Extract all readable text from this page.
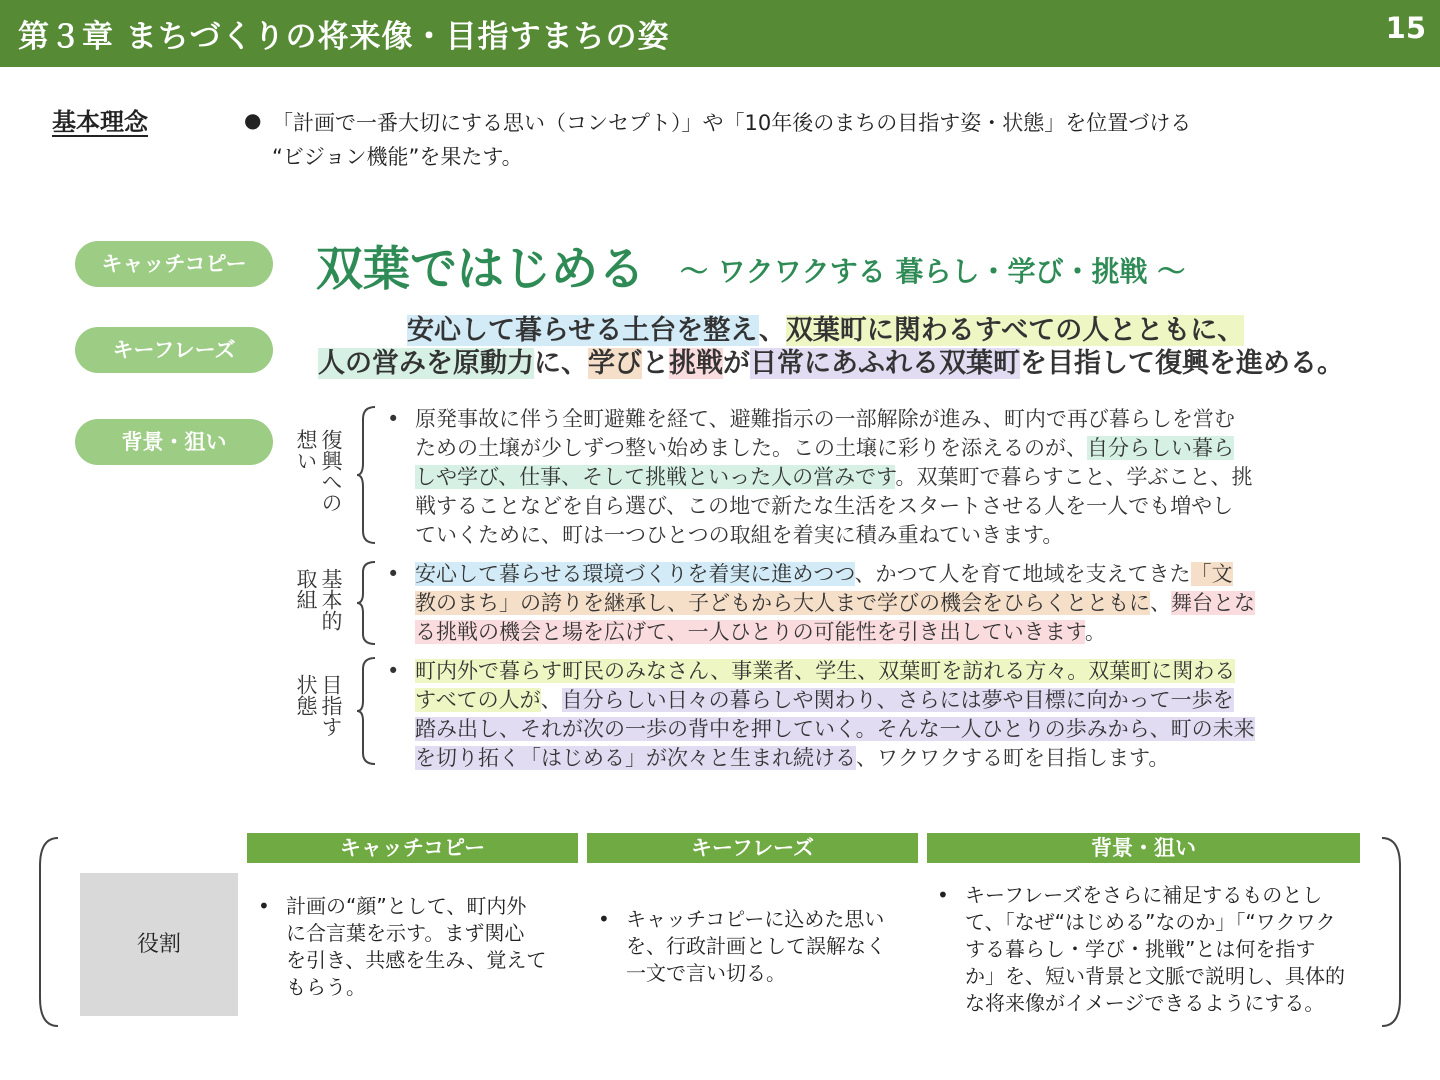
第３章 まちづくりの将来像・目指すまちの姿	15
基本理念	● 「計画で一番大切にする思い（コンセプト）」や「10年後のまちの目指す姿・状態」を位置づける
“ビジョン機能”を果たす。
キャッチコピー
キーフレーズ
背景・狙い
双葉ではじめる ～ ワクワクする 暮らし・学び・挑戦 ～
安心して暮らせる土台を整え、双葉町に関わるすべての人とともに、
人の営みを原動力に、学びと挑戦が日常にあふれる双葉町を目指して復興を進める。
復興への想い
基本的取組
目指す状態
• 原発事故に伴う全町避難を経て、避難指示の一部解除が進み、町内で再び暮らしを営む
ための土壌が少しずつ整い始めました。この土壌に彩りを添えるのが、自分らしい暮ら
しや学び、仕事、そして挑戦といった人の営みです。双葉町で暮らすこと、学ぶこと、挑
戦することなどを自ら選び、この地で新たな生活をスタートさせる人を一人でも増やし
ていくために、町は一つひとつの取組を着実に積み重ねていきます。
• 安心して暮らせる環境づくりを着実に進めつつ、かつて人を育て地域を支えてきた「文
教のまち」の誇りを継承し、子どもから大人まで学びの機会をひらくとともに、舞台とな
る挑戦の機会と場を広げて、一人ひとりの可能性を引き出していきます。
• 町内外で暮らす町民のみなさん、事業者、学生、双葉町を訪れる方々。双葉町に関わる
すべての人が、自分らしい日々の暮らしや関わり、さらには夢や目標に向かって一歩を
踏み出し、それが次の一歩の背中を押していく。そんな一人ひとりの歩みから、町の未来
を切り拓く「はじめる」が次々と生まれ続ける、ワクワクする町を目指します。
キャッチコピー	キーフレーズ	背景・狙い
役割
• 計画の“顔”として、町内外
に合言葉を示す。まず関心
を引き、共感を生み、覚えて
もらう。
• キャッチコピーに込めた思い
を、行政計画として誤解なく
一文で言い切る。
• キーフレーズをさらに補足するものとし
て、「なぜ“はじめる”なのか」「“ワクワク
する暮らし・学び・挑戦”とは何を指す
か」を、短い背景と文脈で説明し、具体的
な将来像がイメージできるようにする。
